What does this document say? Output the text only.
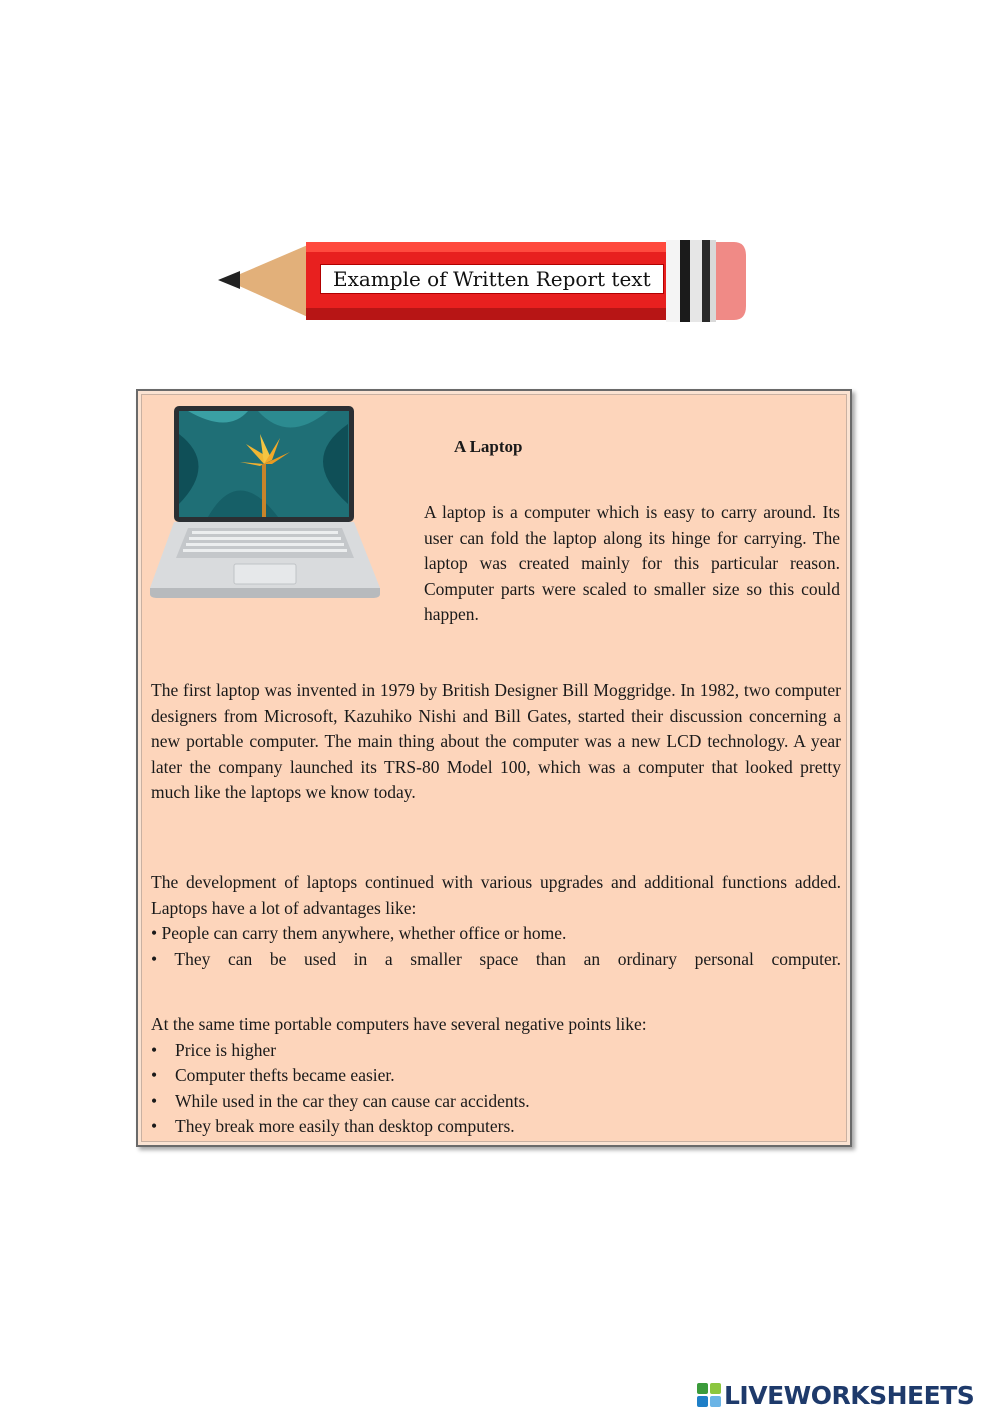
Example of Written Report text
A Laptop

A laptop is a computer which is easy to carry around. Its user can fold the laptop along its hinge for carrying. The laptop was created mainly for this particular reason. Computer parts were scaled to smaller size so this could happen.

The first laptop was invented in 1979 by British Designer Bill Moggridge. In 1982, two computer designers from Microsoft, Kazuhiko Nishi and Bill Gates, started their discussion concerning a new portable computer. The main thing about the computer was a new LCD technology. A year later the company launched its TRS-80 Model 100, which was a computer that looked pretty much like the laptops we know today.

The development of laptops continued with various upgrades and additional functions added. Laptops have a lot of advantages like:
• People can carry them anywhere, whether office or home.
• They can be used in a smaller space than an ordinary personal computer.
At the same time portable computers have several negative points like:
• Price is higher
• Computer thefts became easier.
• While used in the car they can cause car accidents.
• They break more easily than desktop computers.
LIVEWORKSHEETS
